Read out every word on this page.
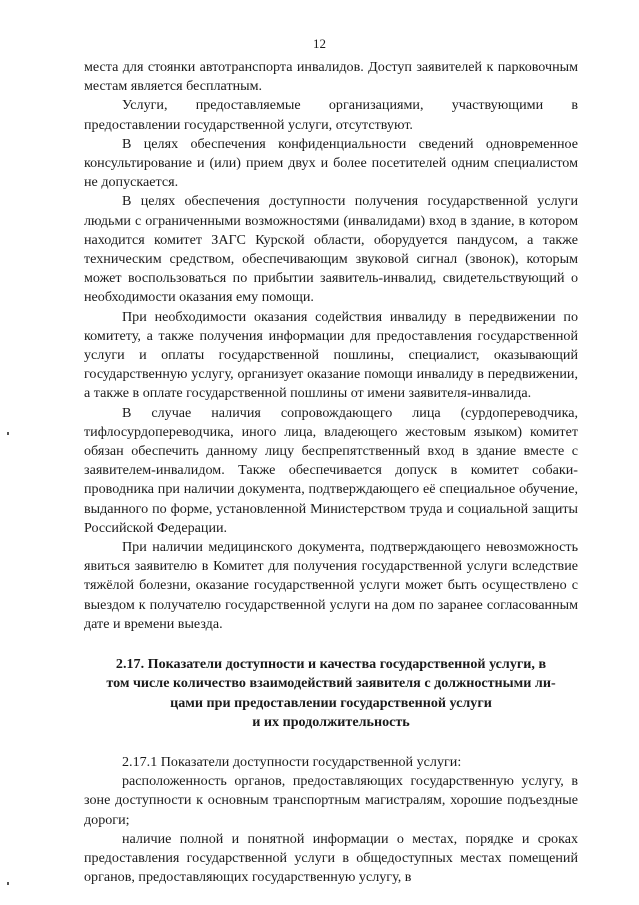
12

места для стоянки автотранспорта инвалидов. Доступ заявителей к парковочным местам является бесплатным.

Услуги, предоставляемые организациями, участвующими в предоставлении государственной услуги, отсутствуют.

В целях обеспечения конфиденциальности сведений одновременное консультирование и (или) прием двух и более посетителей одним специалистом не допускается.

В целях обеспечения доступности получения государственной услуги людьми с ограниченными возможностями (инвалидами) вход в здание, в котором находится комитет ЗАГС Курской области, оборудуется пандусом, а также техническим средством, обеспечивающим звуковой сигнал (звонок), которым может воспользоваться по прибытии заявитель-инвалид, свидетельствующий о необходимости оказания ему помощи.

При необходимости оказания содействия инвалиду в передвижении по комитету, а также получения информации для предоставления государственной услуги и оплаты государственной пошлины, специалист, оказывающий государственную услугу, организует оказание помощи инвалиду в передвижении, а также в оплате государственной пошлины от имени заявителя-инвалида.

В случае наличия сопровождающего лица (сурдопереводчика, тифлосурдопереводчика, иного лица, владеющего жестовым языком) комитет обязан обеспечить данному лицу беспрепятственный вход в здание вместе с заявителем-инвалидом. Также обеспечивается допуск в комитет собаки-проводника при наличии документа, подтверждающего её специальное обучение, выданного по форме, установленной Министерством труда и социальной защиты Российской Федерации.

При наличии медицинского документа, подтверждающего невозможность явиться заявителю в Комитет для получения государственной услуги вследствие тяжёлой болезни, оказание государственной услуги может быть осуществлено с выездом к получателю государственной услуги на дом по заранее согласованным дате и времени выезда.

2.17. Показатели доступности и качества государственной услуги, в
том числе количество взаимодействий заявителя с должностными ли-
цами при предоставлении государственной услуги
и их продолжительность

2.17.1 Показатели доступности государственной услуги:

расположенность органов, предоставляющих государственную услугу, в зоне доступности к основным транспортным магистралям, хорошие подъездные дороги;

наличие полной и понятной информации о местах, порядке и сроках предоставления государственной услуги в общедоступных местах помещений органов, предоставляющих государственную услугу, в
